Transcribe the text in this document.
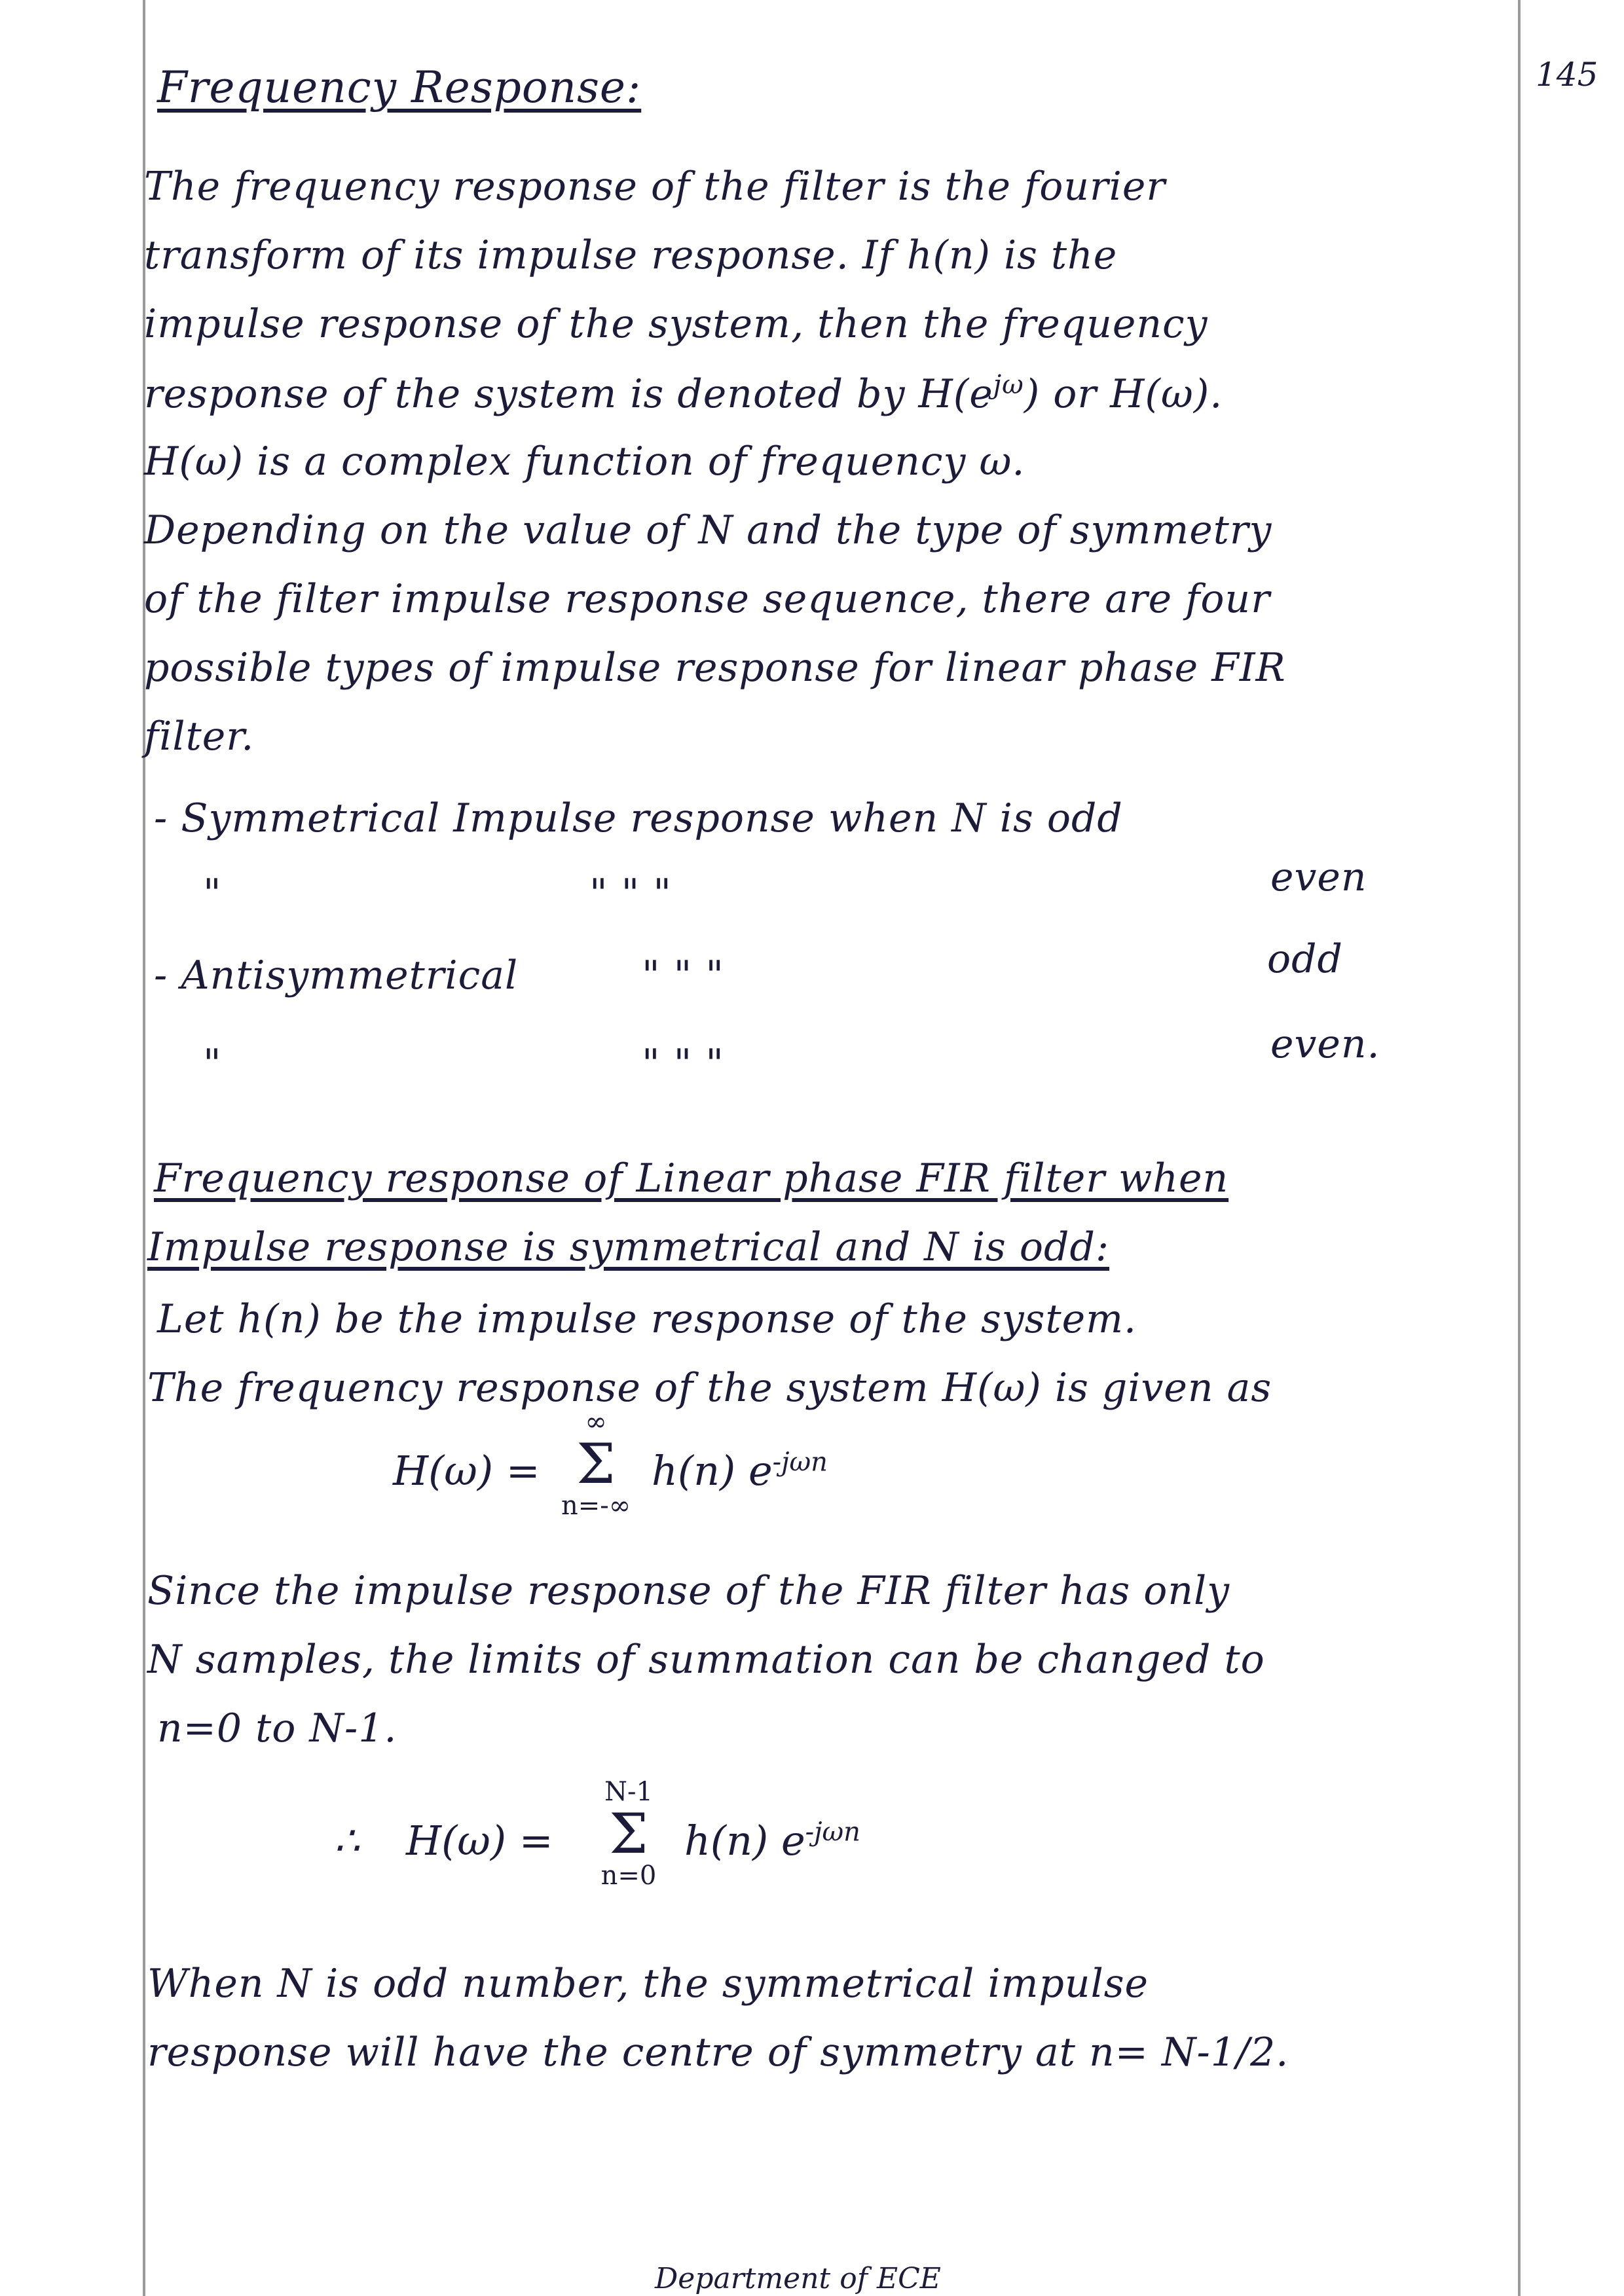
145
Frequency Response:
The frequency response of the filter is the fourier
transform of its impulse response. If h(n) is the
impulse response of the system, then the frequency
response of the system is denoted by $H(e^{j\omega})$ or H(ω).
H(ω) is a complex function of frequency ω.
Depending on the value of N and the type of symmetry
of the filter impulse response sequence, there are four
possible types of impulse response for linear phase FIR
filter.
- Symmetrical Impulse response when N is odd
"	" " "	even
- Antisymmetrical	" " "	odd
"	" " "	even.
Frequency response of Linear phase FIR filter when
Impulse response is symmetrical and N is odd:
Let h(n) be the impulse response of the system.
The frequency response of the system H(ω) is given as
H(ω) =
∞
Σ
n=-∞
h(n) $e^{-j\omega n}$
Since the impulse response of the FIR filter has only
N samples, the limits of summation can be changed to
n=0 to N-1.
∴ H(ω) =
N-1
Σ
n=0
h(n) $e^{-j\omega n}$
When N is odd number, the symmetrical impulse
response will have the centre of symmetry at n= N-1/2.
Department of ECE
